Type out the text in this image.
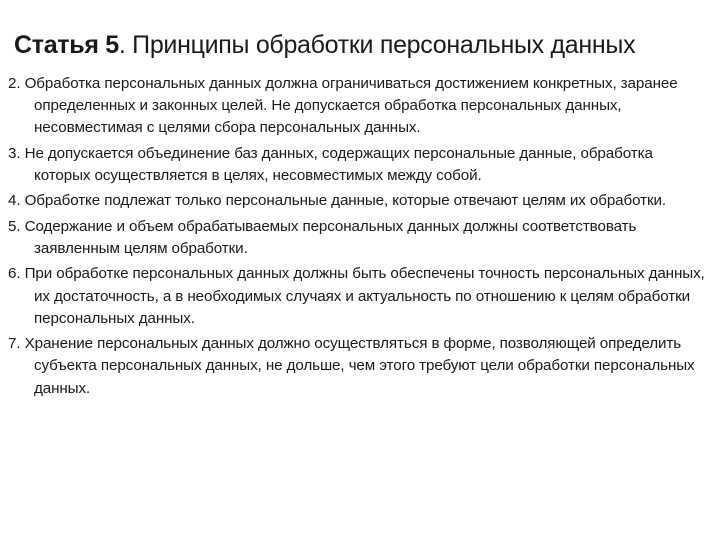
Статья 5. Принципы обработки персональных данных
2. Обработка персональных данных должна ограничиваться достижением конкретных, заранее определенных и законных целей. Не допускается обработка персональных данных, несовместимая с целями сбора персональных данных.
3. Не допускается объединение баз данных, содержащих персональные данные, обработка которых осуществляется в целях, несовместимых между собой.
4. Обработке подлежат только персональные данные, которые отвечают целям их обработки.
5. Содержание и объем обрабатываемых персональных данных должны соответствовать заявленным целям обработки.
6. При обработке персональных данных должны быть обеспечены точность персональных данных, их достаточность, а в необходимых случаях и актуальность по отношению к целям обработки персональных данных.
7. Хранение персональных данных должно осуществляться в форме, позволяющей определить субъекта персональных данных, не дольше, чем этого требуют цели обработки персональных данных.
